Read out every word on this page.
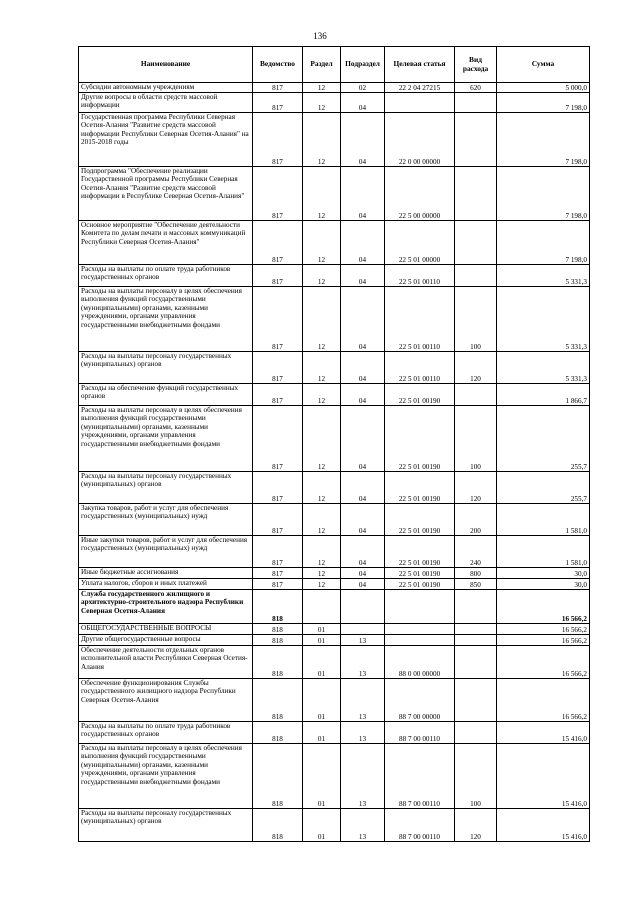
136
Наименование	Ведомство	Раздел	Подраздел	Целевая статья	Вид расхода	Сумма
Субсидии автономным учреждениям	817	12	02	22 2 04 27215	620	5 000,0
Другие вопросы в области средств массовой информации	817	12	04			7 198,0
Государственная программа Республики Северная Осетия-Алания "Развитие средств массовой информации Республики Северная Осетия-Алания" на 2015-2018 годы	817	12	04	22 0 00 00000		7 198,0
Подпрограмма "Обеспечение реализации Государственной программы Республики Северная Осетия-Алания "Развитие средств массовой информации в Республике Северная Осетия-Алания"	817	12	04	22 5 00 00000		7 198,0
Основное мероприятие "Обеспечение деятельности Комитета по делам печати и массовых коммуникаций Республики Северная Осетия-Алания"	817	12	04	22 5 01 00000		7 198,0
Расходы на выплаты по оплате труда работников государственных органов	817	12	04	22 5 01 00110		5 331,3
Расходы на выплаты персоналу в целях обеспечения выполнения функций государственными (муниципальными) органами, казенными учреждениями, органами управления государственными внебюджетными фондами	817	12	04	22 5 01 00110	100	5 331,3
Расходы на выплаты персоналу государственных (муниципальных) органов	817	12	04	22 5 01 00110	120	5 331,3
Расходы на обеспечение функций государственных органов	817	12	04	22 5 01 00190		1 866,7
Расходы на выплаты персоналу в целях обеспечения выполнения функций государственными (муниципальными) органами, казенными учреждениями, органами управления государственными внебюджетными фондами	817	12	04	22 5 01 00190	100	255,7
Расходы на выплаты персоналу государственных (муниципальных) органов	817	12	04	22 5 01 00190	120	255,7
Закупка товаров, работ и услуг для обеспечения государственных (муниципальных) нужд	817	12	04	22 5 01 00190	200	1 581,0
Иные закупки товаров, работ и услуг для обеспечения государственных (муниципальных) нужд	817	12	04	22 5 01 00190	240	1 581,0
Иные бюджетные ассигнования	817	12	04	22 5 01 00190	800	30,0
Уплата налогов, сборов и иных платежей	817	12	04	22 5 01 00190	850	30,0
Служба государственного жилищного и архитектурно-строительного надзора Республики Северная Осетия-Алания	818					16 566,2
ОБЩЕГОСУДАРСТВЕННЫЕ ВОПРОСЫ	818	01				16 566,2
Другие общегосударственные вопросы	818	01	13			16 566,2
Обеспечение деятельности отдельных органов исполнительной власти Республики Северная Осетия-Алания	818	01	13	88 0 00 00000		16 566,2
Обеспечение функционирования Службы государственного жилищного надзора Республики Северная Осетия-Алания	818	01	13	88 7 00 00000		16 566,2
Расходы на выплаты по оплате труда работников государственных органов	818	01	13	88 7 00 00110		15 416,0
Расходы на выплаты персоналу в целях обеспечения выполнения функций государственными (муниципальными) органами, казенными учреждениями, органами управления государственными внебюджетными фондами	818	01	13	88 7 00 00110	100	15 416,0
Расходы на выплаты персоналу государственных (муниципальных) органов	818	01	13	88 7 00 00110	120	15 416,0
